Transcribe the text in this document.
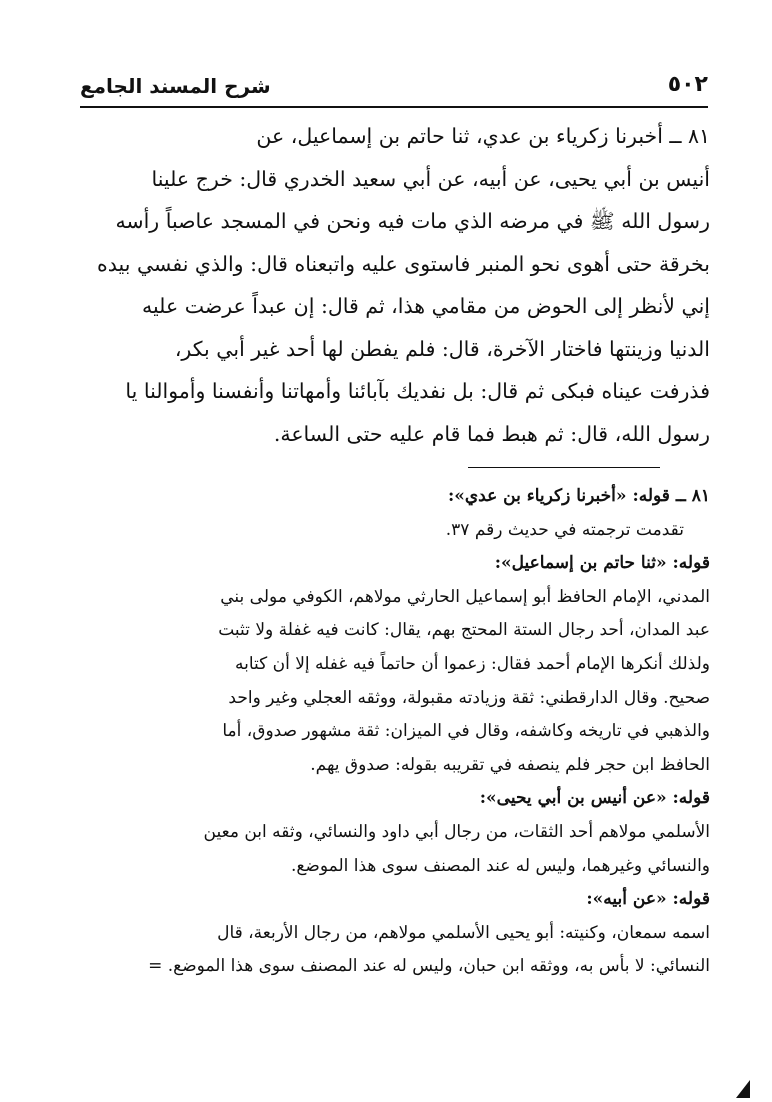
٥٠٢
شرح المسند الجامع

٨١ ــ أخبرنا زكرياء بن عدي، ثنا حاتم بن إسماعيل، عن

أنيس بن أبي يحيى، عن أبيه، عن أبي سعيد الخدري قال: خرج علينا

رسول الله ﷺ في مرضه الذي مات فيه ونحن في المسجد عاصباً رأسه

بخرقة حتى أهوى نحو المنبر فاستوى عليه واتبعناه قال: والذي نفسي بيده

إني لأنظر إلى الحوض من مقامي هذا، ثم قال: إن عبداً عرضت عليه

الدنيا وزينتها فاختار الآخرة، قال: فلم يفطن لها أحد غير أبي بكر،

فذرفت عيناه فبكى ثم قال: بل نفديك بآبائنا وأمهاتنا وأنفسنا وأموالنا يا

رسول الله، قال: ثم هبط فما قام عليه حتى الساعة.

٨١ ــ قوله: «أخبرنا زكرياء بن عدي»:

تقدمت ترجمته في حديث رقم ٣٧.

قوله: «ثنا حاتم بن إسماعيل»:

المدني، الإمام الحافظ أبو إسماعيل الحارثي مولاهم، الكوفي مولى بني

عبد المدان، أحد رجال الستة المحتج بهم، يقال: كانت فيه غفلة ولا تثبت

ولذلك أنكرها الإمام أحمد فقال: زعموا أن حاتماً فيه غفله إلا أن كتابه

صحيح. وقال الدارقطني: ثقة وزيادته مقبولة، ووثقه العجلي وغير واحد

والذهبي في تاريخه وكاشفه، وقال في الميزان: ثقة مشهور صدوق، أما

الحافظ ابن حجر فلم ينصفه في تقريبه بقوله: صدوق يهم.

قوله: «عن أنيس بن أبي يحيى»:

الأسلمي مولاهم أحد الثقات، من رجال أبي داود والنسائي، وثقه ابن معين

والنسائي وغيرهما، وليس له عند المصنف سوى هذا الموضع.

قوله: «عن أبيه»:

اسمه سمعان، وكنيته: أبو يحيى الأسلمي مولاهم، من رجال الأربعة، قال

النسائي: لا بأس به، ووثقه ابن حبان، وليس له عند المصنف سوى هذا الموضع. =
